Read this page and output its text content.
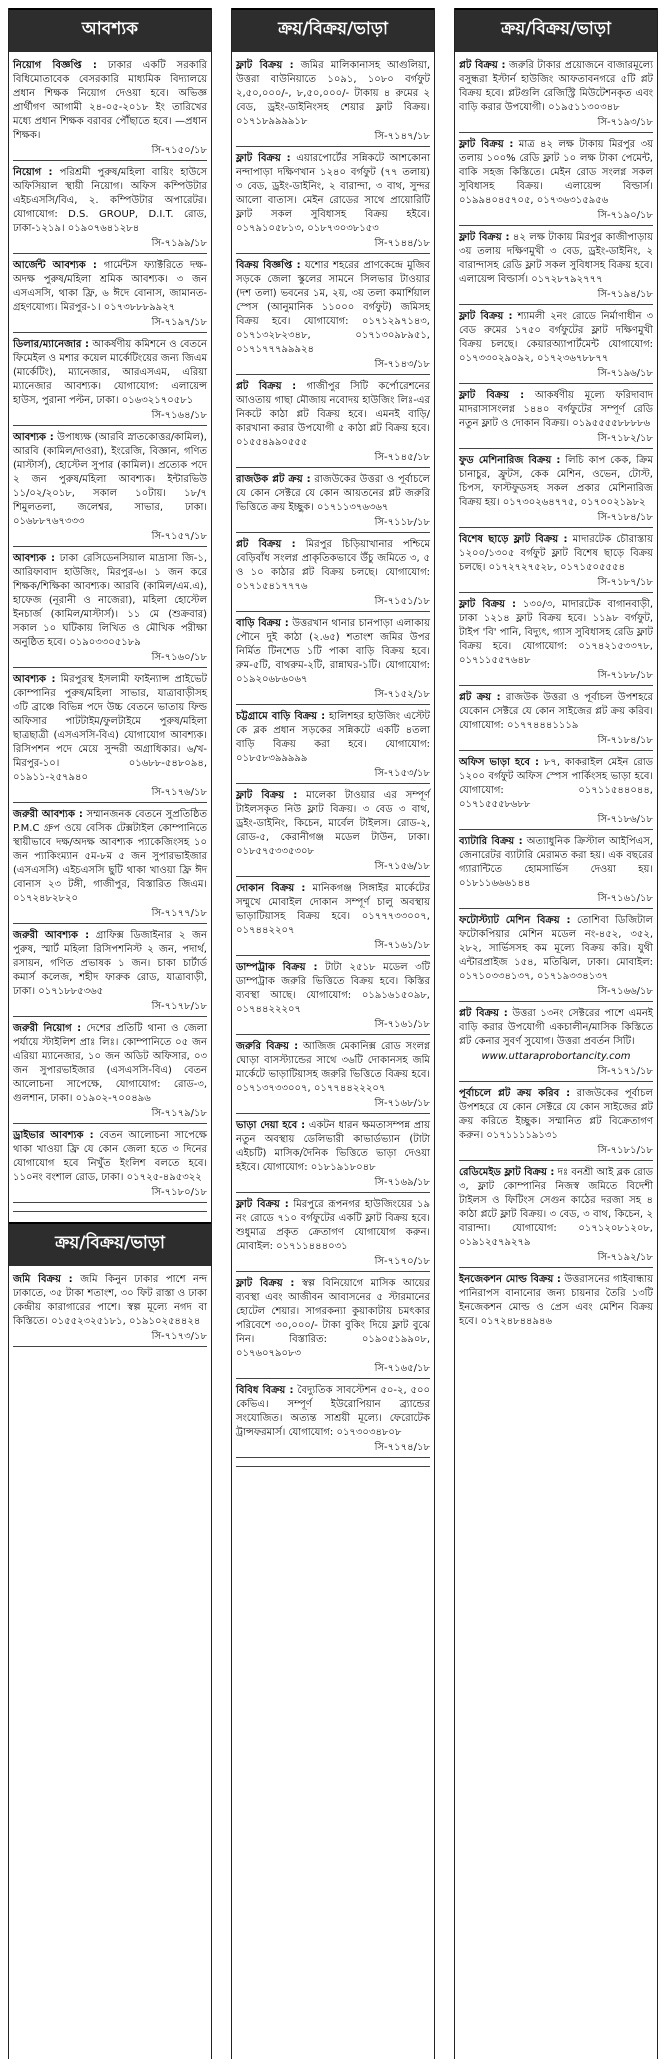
আবশ্যক
নিয়োগ বিজ্ঞপ্তি : ঢাকার একটি সরকারি বিধিমোতাবেক বেসরকারি মাধ্যমিক বিদ্যালয়ে প্রধান শিক্ষক নিয়োগ দেওয়া হবে। অভিজ্ঞ প্রার্থীগণ আগামী ২৪-০৫-২০১৮ ইং তারিখের মধ্যে প্রধান শিক্ষক বরাবর পৌঁছাতে হবে। —প্রধান শিক্ষক।
সি-৭১৫০/১৮
নিয়োগ : পরিশ্রমী পুরুষ/মহিলা বায়িং হাউসে অফিসিয়াল স্থায়ী নিয়োগ। অফিস কম্পিউটার এইচএসসি/বিএ, ২. কম্পিউটার অপারেটর। যোগাযোগ: D.S. GROUP, D.I.T. রোড, ঢাকা-১২১৯। ০১৯০৭৬৪১২৮৪
সি-৭১৯৯/১৮
আর্জেন্ট আবশ্যক : গার্মেন্টস ফ্যাক্টরিতে দক্ষ-অদক্ষ পুরুষ/মহিলা শ্রমিক আবশ্যক। ৩ জন এসএসসি, থাকা ফ্রি, ৬ ঈদে বোনাস, জামানত-গ্রহণযোগ্য। মিরপুর-১। ০১৭৩৮৮৮৯৯২৭
সি-৭১৯৭/১৮
ডিলার/ম্যানেজার : আকর্ষণীয় কমিশনে ও বেতনে ফিমেইল ও মশার কয়েল মার্কেটিংয়ের জন্য জিএম (মার্কেটিং), ম্যানেজার, আরএসএম, এরিয়া ম্যানেজার আবশ্যক। যোগাযোগ: এলায়েন্স হাউস, পুরানা পল্টন, ঢাকা। ০১৬৩২১৭০৫৮১
সি-৭১৬৪/১৮
আবশ্যক : উপাধ্যক্ষ (আরবি স্নাতকোত্তর/কামিল), আরবি (কামিল/দাওরা), ইংরেজি, বিজ্ঞান, গণিত (মাস্টার্স), হোস্টেল সুপার (কামিল)। প্রত্যেক পদে ২ জন পুরুষ/মহিলা আবশ্যক। ইন্টারভিউ ১১/০২/২০১৮, সকাল ১০টায়। ১৮/৭ শিমুলতলা, জলেশ্বর, সাভার, ঢাকা। ০১৬৮৮৭৬৭৩৩৩
সি-৭১৫৭/১৮
আবশ্যক : ঢাকা রেসিডেনসিয়াল মাদ্রাসা জি-১, আরিফাবাদ হাউজিং, মিরপুর-৬। ১ জন করে শিক্ষক/শিক্ষিকা আবশ্যক। আরবি (কামিল/এম.এ), হাফেজ (নূরানী ও নাজেরা), মহিলা হোস্টেল ইনচার্জ (কামিল/মাস্টার্স)। ১১ মে (শুক্রবার) সকাল ১০ ঘটিকায় লিখিত ও মৌখিক পরীক্ষা অনুষ্ঠিত হবে। ০১৯০৩৩০৫১৮৯
সি-৭১৬০/১৮
আবশ্যক : মিরপুরস্থ ইসলামী ফাইন্যান্স প্রাইভেট কোম্পানির পুরুষ/মহিলা সাভার, যাত্রাবাড়ীসহ ৩টি ব্রাঞ্চে বিভিন্ন পদে উচ্চ বেতনে ভাতায় ফিল্ড অফিসার পাটটাইম/ফুলটাইমে পুরুষ/মহিলা ছাত্রছাত্রী (এসএসসি-বিএ) যোগাযোগ আবশ্যক। রিসিপশন পদে মেয়ে সুন্দরী অগ্রাধিকার। ৬/খ-মিরপুর-১০। ০১৬৮৮-৫৪৮০৯৪, ০১৯১১-২৫৭৯৪০
সি-৭১৭৬/১৮
জরুরী আবশ্যক : সম্মানজনক বেতনে সুপ্রতিষ্ঠিত P.M.C গ্রুপ ওয়ে বেসিক টেক্সটাইল কোম্পানিতে স্থায়ীভাবে দক্ষ/অদক্ষ আবশ্যক প্যাকেজিংসহ ১০ জন প্যাকিংম্যান ৫ম-৮ম ৫ জন সুপারভাইজার (এসএসসি) এইচএসসি ছুটি থাকা খাওয়া ফ্রি ঈদ বোনাস ২৩ টঙ্গী, গাজীপুর, বিস্তারিত জিএম। ০১৭২৪৮২৮২০
সি-৭১৭৭/১৮
জরুরী আবশ্যক : গ্রাফিক্স ডিজাইনার ২ জন পুরুষ, স্মার্ট মহিলা রিসিপশনিস্ট ২ জন, পদার্থ, রসায়ন, গণিত প্রভাষক ১ জন। চাকা চার্টার্ড কমার্স কলেজ, শহীদ ফারুক রোড, যাত্রাবাড়ী, ঢাকা। ০১৭১৮৮৫৩৬৫
সি-৭১৭৮/১৮
জরুরী নিয়োগ : দেশের প্রতিটি থানা ও জেলা পর্যায়ে স্টাইলিশ প্রাঃ লিঃ। কোম্পানিতে ০৫ জন এরিয়া ম্যানেজার, ১০ জন অডিট অফিসার, ০৩ জন সুপারভাইজার (এসএসসি-বিএ) বেতন আলোচনা সাপেক্ষে, যোগাযোগ: রোড-৩, গুলশান, ঢাকা। ০১৯০২-৭০০৪৯৬
সি-৭১৭৯/১৮
ড্রাইভার আবশ্যক : বেতন আলোচনা সাপেক্ষে থাকা খাওয়া ফ্রি যে কোন জেলা হতে ৩ দিনের যোগাযোগ হবে নিখুঁত ইংলিশ বলতে হবে। ১১০নং বংশাল রোড, ঢাকা। ০১৭২৫-৪৯৫৩২২
সি-৭১৮০/১৮
ক্রয়/বিক্রয়/ভাড়া
জমি বিক্রয় : জমি কিনুন ঢাকার পাশে নন্দ ঢাকাতে, ৩৫ টাকা শতাংশ, ৩০ ফিট রাস্তা ও ঢাকা কেন্দ্রীয় কারাগারের পাশে। স্বল্প মূল্যে নগদ বা কিস্তিতে। ০১৫৫২৩২৫১৮১, ০১৯১০২৫৪৪২৪
সি-৭১৭৩/১৮
ক্রয়/বিক্রয়/ভাড়া
ফ্লাট বিক্রয় : জমির মালিকানাসহ আগুলিয়া, উত্তরা বাউনিয়াতে ১০৯১, ১০৮০ বর্গফুট ২,৫০,০০০/-, ৮,৫০,০০০/- টাকায় ৪ রুমের ২ বেড, ড্রইং-ডাইনিংসহ শেয়ার ফ্লাট বিক্রয়। ০১৭১৮৯৯৯৯১৮
সি-৭১৪৭/১৮
ফ্লাট বিক্রয় : এয়ারপোর্টের সন্নিকটে আশকোনা নন্দাপাড়া দক্ষিণখান ১২৪০ বর্গফুট (৭৭ তলায়) ৩ বেড, ড্রইং-ডাইনিং, ২ বারান্দা, ৩ বাথ, সুন্দর আলো বাতাস। মেইন রোডের সাথে প্রায়োরিটি ফ্লাট সকল সুবিধাসহ বিক্রয় হইবে। ০১৭৯১০৫৮১৩, ০১৮৭৩০৩৮১৫৩
সি-৭১৪৪/১৮
বিক্রয় বিজ্ঞপ্তি : যশোর শহরের প্রাণকেন্দ্রে মুজিব সড়কে জেলা স্কুলের সামনে সিলভার টাওয়ার (দশ তলা) ভবনের ১ম, ২য়, ৩য় তলা কমার্শিয়াল স্পেস (আনুমানিক ১১০০০ বর্গফুট) জমিসহ বিক্রয় হবে। যোগাযোগ: ০১৭১২৯৭১৪৩, ০১৭১৩২৮২৩৪৮, ০১৭১৩০৯৮৯৫১, ০১৭১৭৭৭৯৯৯২৪
সি-৭১৪৩/১৮
প্লট বিক্রয় : গাজীপুর সিটি কর্পোরেশনের আওতায় গাছা মৌজায় নবোদয় হাউজিং লিঃ-এর নিকটে কাঠা প্লট বিক্রয় হবে। এমনই বাড়ি/কারখানা করার উপযোগী ৫ কাঠা প্লট বিক্রয় হবে। ০১৫৫৪৯৯০৫৫৫
সি-৭১৪৫/১৮
রাজউক প্লট ক্রয় : রাজউকের উত্তরা ও পূর্বাচলে যে কোন সেক্টরে যে কোন আয়তনের প্লট জরুরি ভিত্তিতে ক্রয় ইচ্ছুক। ০১৭১১৩৭৬৩৬৭
সি-৭১১৮/১৮
প্লট বিক্রয় : মিরপুর চিড়িয়াখানার পশ্চিমে বেড়িবাঁধ সংলগ্ন প্রাকৃতিকভাবে উঁচু জমিতে ৩, ৫ ও ১০ কাঠার প্লট বিক্রয় চলছে। যোগাযোগ: ০১৭১৫৪১৭৭৭৬
সি-৭১৫১/১৮
বাড়ি বিক্রয় : উত্তরখান থানার চানপাড়া এলাকায় পৌনে দুই কাঠা (২.৬৫) শতাংশ জমির উপর নির্মিত টিনশেড ১টি পাকা বাড়ি বিক্রয় হবে। রুম-৫টি, বাথরুম-২টি, রান্নাঘর-১টি। যোগাযোগ: ০১৯২০৬৮৬০৬৭
সি-৭১৫২/১৮
চট্টগ্রামে বাড়ি বিক্রয় : হালিশহর হাউজিং এস্টেট কে ব্লক প্রধান সড়কের সন্নিকটে একটি ৪তলা বাড়ি বিক্রয় করা হবে। যোগাযোগ: ০১৮৫৮৩৯৯৯৯৯
সি-৭১৫৩/১৮
ফ্লাট বিক্রয় : মালেকা টাওয়ার এর সম্পূর্ণ টাইলসকৃত নিউ ফ্লাট বিক্রয়। ৩ বেড ৩ বাথ, ড্রইং-ডাইনিং, কিচেন, মার্বেল টাইলস। রোড-২, রোড-৫, কেরানীগঞ্জ মডেল টাউন, ঢাকা। ০১৮৫৭৫৩৩৫৩০৮
সি-৭১৫৬/১৮
দোকান বিক্রয় : মানিকগঞ্জ সিঙ্গাইর মার্কেটের সম্মুখে মোবাইল দোকান সম্পূর্ণ চালু অবস্থায় ভাড়াটিয়াসহ বিক্রয় হবে। ০১৭৭৭৩৩০০৭, ০১৭৪৪২২০৭
সি-৭১৬১/১৮
ডাম্পট্রাক বিক্রয় : টাটা ২৫১৮ মডেল ৩টি ডাম্পট্রাক জরুরি ভিত্তিতে বিক্রয় হবে। কিস্তির ব্যবস্থা আছে। যোগাযোগ: ০১৯১৬১৫০৯৮, ০১৭৪৪২২২০৭
সি-৭১৬১/১৮
জরুরি বিক্রয় : আজিজ মেকানিক্স রোড সংলগ্ন ঘোড়া বাসস্ট্যান্ডের সাথে ৩৬টি দোকানসহ জমি মার্কেটে ভাড়াটিয়াসহ জরুরি ভিত্তিতে বিক্রয় হবে। ০১৭১৩৭৩৩০০৭, ০১৭৭৪৪২২২০৭
সি-৭১৬৮/১৮
ভাড়া দেয়া হবে : একটন ধারন ক্ষমতাসম্পন্ন প্রায় নতুন অবস্থায় ডেলিভারী কাভার্ডভ্যান (টাটা এইচটি) মাসিক/দৈনিক ভিত্তিতে ভাড়া দেওয়া হইবে। যোগাযোগ: ০১৮১৯১৮০৪৮
সি-৭১৬৯/১৮
ফ্লাট বিক্রয় : মিরপুরে রূপনগর হাউজিংয়ের ১৯ নং রোডে ৭১০ বর্গফুটের একটি ফ্লাট বিক্রয় হবে। শুধুমাত্র প্রকৃত ক্রেতাগণ যোগাযোগ করুন। মোবাইল: ০১৭১১৪৪৪০৩১
সি-৭১৭০/১৮
ফ্লাট বিক্রয় : স্বল্প বিনিয়োগে মাসিক আয়ের ব্যবস্থা এবং আজীবন আবাসনের ৫ স্টারমানের হোটেল শেয়ার। সাগরকন্যা কুয়াকাটায় চমৎকার পরিবেশে ৩০,০০০/- টাকা বুকিং দিয়ে ফ্লাট বুঝে নিন। বিস্তারিত: ০১৯০৫১৯৯০৮, ০১৭৬০৭৯০৮৩
সি-৭১৬৫/১৮
বিবিধ বিক্রয় : বৈদ্যুতিক সাবস্টেশন ৫০-২, ৫০০ কেভিএ। সম্পূর্ণ ইউরোপিয়ান ব্র্যান্ডের সংযোজিত। অত্যন্ত সাশ্রয়ী মূল্যে। ফেরোটেক ট্রান্সফরমার্স। যোগাযোগ: ০১৭৩০৩৪৮০৮
সি-৭১৭৪/১৮
ক্রয়/বিক্রয়/ভাড়া
প্লট বিক্রয় : জরুরি টাকার প্রয়োজনে বাজারমূল্যে বসুন্ধরা ইস্টার্ন হাউজিং আফতাবনগরে ৫টি প্লট বিক্রয় হবে। প্লটগুলি রেজিস্ট্রি মিউটেশনকৃত এবং বাড়ি করার উপযোগী। ০১৯৫১১৩০৩৪৮
সি-৭১৯৩/১৮
ফ্লাট বিক্রয় : মাত্র ৪২ লক্ষ টাকায় মিরপুর ৩য় তলায় ১০০% রেডি ফ্লাট ১০ লক্ষ টাকা পেমেন্ট, বাকি সহজ কিস্তিতে। মেইন রোড সংলগ্ন সকল সুবিধাসহ বিক্রয়। এলায়েন্স বিল্ডার্স। ০১৯৯৪০৪৫৭০৫, ০১৭৩৬৩১৫৯৫৬
সি-৭১৯০/১৮
ফ্লাট বিক্রয় : ৪২ লক্ষ টাকায় মিরপুর কাজীপাড়ায় ৩য় তলায় দক্ষিণমুখী ৩ বেড, ড্রইং-ডাইনিং, ২ বারান্দাসহ রেডি ফ্লাট সকল সুবিধাসহ বিক্রয় হবে। এলায়েন্স বিল্ডার্স। ০১৭২৮৭৯২৭৭৭
সি-৭১৯৪/১৮
ফ্লাট বিক্রয় : শ্যামলী ২নং রোডে নির্মাণাধীন ৩ বেড রুমের ১৭৫০ বর্গফুটের ফ্লাট দক্ষিণমুখী বিক্রয় চলছে। কেয়ারঅ্যাপার্টমেন্ট যোগাযোগ: ০১৭৩৩০২৯০৯২, ০১৭২৩৬৭৮৮৭৭
সি-৭১৯৬/১৮
ফ্লাট বিক্রয় : আকর্ষণীয় মূল্যে ফরিদাবাদ মাদরাসাসংলগ্ন ১৪৪০ বর্গফুটের সম্পূর্ণ রেডি নতুন ফ্লাট ও দোকান বিক্রয়। ০১৯৫৫৫৫৮৮৮৮৬
সি-৭১৮২/১৮
ফুড মেশিনারিজ বিক্রয় : লিচি কাপ কেক, ক্রিম চানাচুর, ফ্রুটস, কেক মেশিন, ওভেন, টোস্ট, চিপস, ফাস্টফুডসহ সকল প্রকার মেশিনারিজ বিক্রয় হয়। ০১৭৩০২৬৪৭৭৫, ০১৭০০২১৯৮২
সি-৭১৮৪/১৮
বিশেষ ছাড়ে ফ্লাট বিক্রয় : মাদারটেক চৌরাস্তায় ১২০০/১৩০৫ বর্গফুট ফ্লাট বিশেষ ছাড়ে বিক্রয় চলছে। ০১৭২৭২৭৫২৮, ০১৭১৫০৫৫৫৪
সি-৭১৮৭/১৮
ফ্লাট বিক্রয় : ১৩০/৩, মাদারটেক বাগানবাড়ী, ঢাকা ১২১৪ ফ্লাট বিক্রয় হবে। ১১৯৮ বর্গফুট, টাইপ 'বি' পানি, বিদ্যুৎ, গ্যাস সুবিধাসহ রেডি ফ্লাট বিক্রয় হবে। যোগাযোগ: ০১৭৪২১৫৩৩৭৮, ০১৭১১৫৫৭৬৪৮
সি-৭১৮৮/১৮
প্লট ক্রয় : রাজউক উত্তরা ও পূর্বাচল উপশহরে যেকোন সেক্টরে যে কোন সাইজের প্লট ক্রয় করিব। যোগাযোগ: ০১৭৭৪৪৪১১১৯
সি-৭১৮৪/১৮
অফিস ভাড়া হবে : ৮৭, কাকরাইল মেইন রোড ১২০০ বর্গফুট অফিস স্পেস পার্কিংসহ ভাড়া হবে। যোগাযোগ: ০১৭১১৫৪৪০৪৪, ০১৭১৫৫৫৮৬৮৮
সি-৭১৮৬/১৮
ব্যাটারি বিক্রয় : অত্যাধুনিক ক্রিস্টাল আইপিএস, জেনারেটর ব্যাটারি মেরামত করা হয়। এক বছরের গ্যারান্টিতে হোমসার্ভিস দেওয়া হয়। ০১৮১১৬৬৬১৪৪
সি-৭১৬১/১৮
ফটোস্ট্যাট মেশিন বিক্রয় : তোশিবা ডিজিটাল ফটোকপিয়ার মেশিন মডেল নং-৪৫২, ৩৫২, ২৮২, সার্ভিসসহ কম মূল্যে বিক্রয় করি। যুথী এন্টারপ্রাইজ ১৫৪, মতিঝিল, ঢাকা। মোবাইল: ০১৭১০৩৩৪১৩৭, ০১৭১৯৩৩৪১৩৭
সি-৭১৬৬/১৮
প্লট বিক্রয় : উত্তরা ১৩নং সেক্টরের পাশে এমনই বাড়ি করার উপযোগী একচালীন/মাসিক কিস্তিতে প্লট কেনার সুবর্ণ সুযোগ। উত্তরা প্রবর্তন সিটি।
www.uttaraprobortancity.com
সি-৭১৭১/১৮
পূর্বাচলে প্লট ক্রয় করিব : রাজউকের পূর্বাচল উপশহরে যে কোন সেক্টরে যে কোন সাইজের প্লট ক্রয় করিতে ইচ্ছুক। সম্মানিত প্লট বিক্রেতাগণ করুন। ০১৭১১১১৯১৩১
সি-৭১৮১/১৮
রেডিমেইড ফ্লাট বিক্রয় : দঃ বনশ্রী আই ব্লক রোড ৩, ফ্লাট কোম্পানির নিজস্ব জমিতে বিদেশী টাইলস ও ফিটিংস সেগুন কাঠের দরজা সহ ৪ কাঠা প্লটে ফ্লাট বিক্রয়। ৩ বেড, ৩ বাথ, কিচেন, ২ বারান্দা। যোগাযোগ: ০১৭১২০৮১২০৮, ০১৯১২৫৭৯২৭৯
সি-৭১৯২/১৮
ইনজেকশন মোল্ড বিক্রয় : উত্তরাসনের গাইবান্ধায় পানিরাপস বানানোর জন্য চায়নার তৈরি ১৩টি ইনজেকশন মোল্ড ও প্রেস এবং মেশিন বিক্রয় হবে। ০১৭২৪৮৪৪৯৪৬
